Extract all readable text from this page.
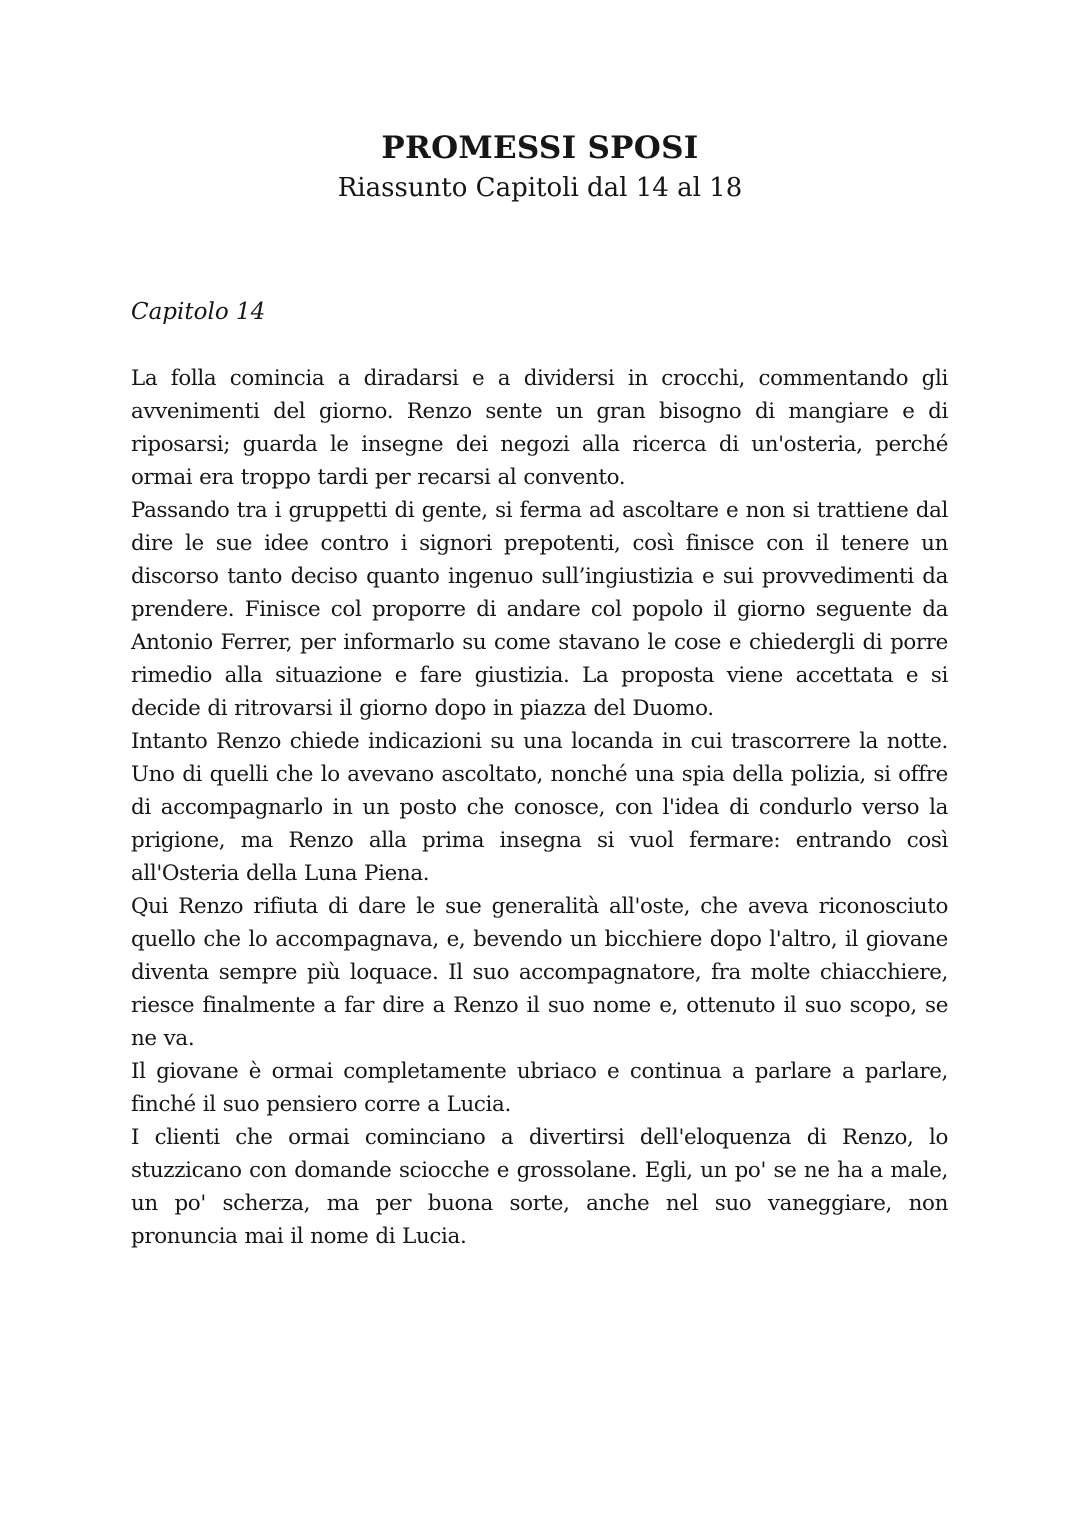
PROMESSI SPOSI
Riassunto Capitoli dal 14 al 18
Capitolo 14

La folla comincia a diradarsi e a dividersi in crocchi, commentando gli avvenimenti del giorno. Renzo sente un gran bisogno di mangiare e di riposarsi; guarda le insegne dei negozi alla ricerca di un'osteria, perché ormai era troppo tardi per recarsi al convento.

Passando tra i gruppetti di gente, si ferma ad ascoltare e non si trattiene dal dire le sue idee contro i signori prepotenti, così finisce con il tenere un discorso tanto deciso quanto ingenuo sull’ingiustizia e sui provvedimenti da prendere. Finisce col proporre di andare col popolo il giorno seguente da Antonio Ferrer, per informarlo su come stavano le cose e chiedergli di porre rimedio alla situazione e fare giustizia. La proposta viene accettata e si decide di ritrovarsi il giorno dopo in piazza del Duomo.

Intanto Renzo chiede indicazioni su una locanda in cui trascorrere la notte. Uno di quelli che lo avevano ascoltato, nonché una spia della polizia, si offre di accompagnarlo in un posto che conosce, con l'idea di condurlo verso la prigione, ma Renzo alla prima insegna si vuol fermare: entrando così all'Osteria della Luna Piena.

Qui Renzo rifiuta di dare le sue generalità all'oste, che aveva riconosciuto quello che lo accompagnava, e, bevendo un bicchiere dopo l'altro, il giovane diventa sempre più loquace. Il suo accompagnatore, fra molte chiacchiere, riesce finalmente a far dire a Renzo il suo nome e, ottenuto il suo scopo, se ne va.

Il giovane è ormai completamente ubriaco e continua a parlare a parlare, finché il suo pensiero corre a Lucia.

I clienti che ormai cominciano a divertirsi dell'eloquenza di Renzo, lo stuzzicano con domande sciocche e grossolane. Egli, un po' se ne ha a male, un po' scherza, ma per buona sorte, anche nel suo vaneggiare, non pronuncia mai il nome di Lucia.
